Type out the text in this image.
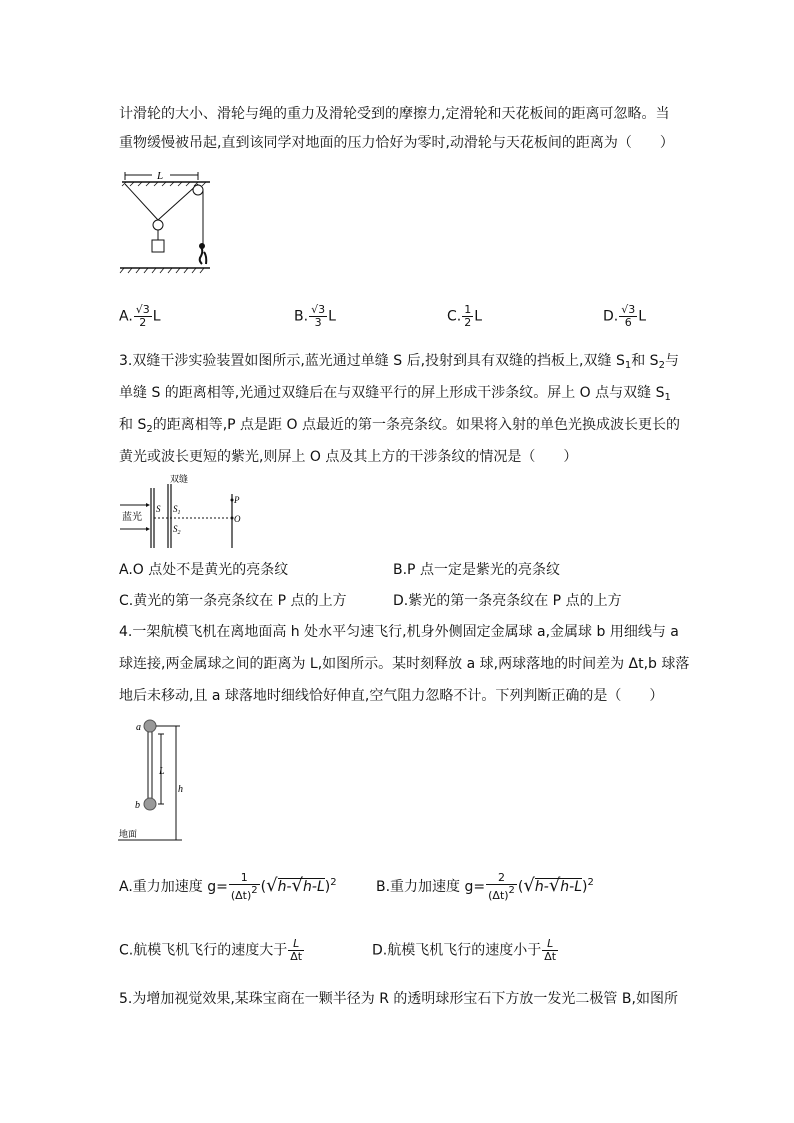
计滑轮的大小、滑轮与绳的重力及滑轮受到的摩擦力,定滑轮和天花板间的距离可忽略。当
重物缓慢被吊起,直到该同学对地面的压力恰好为零时,动滑轮与天花板间的距离为（　　）
L
A. $\frac{√3}{2}$ L	B. $\frac{√3}{3}$ L	C. $\frac{1}{2}$ L	D. $\frac{√3}{6}$ L
3.双缝干涉实验装置如图所示,蓝光通过单缝 S 后,投射到具有双缝的挡板上,双缝 $S_1$和 $S_2$与
单缝 S 的距离相等,光通过双缝后在与双缝平行的屏上形成干涉条纹。屏上 O 点与双缝 $S_1$
和 $S_2$的距离相等,P 点是距 O 点最近的第一条亮条纹。如果将入射的单色光换成波长更长的
黄光或波长更短的紫光,则屏上 O 点及其上方的干涉条纹的情况是（　　）
双缝
蓝光
S $S_1$
$S_2$
P
O
A.O 点处不是黄光的亮条纹	B.P 点一定是紫光的亮条纹
C.黄光的第一条亮条纹在 P 点的上方	D.紫光的第一条亮条纹在 P 点的上方
4.一架航模飞机在离地面高 h 处水平匀速飞行,机身外侧固定金属球 a,金属球 b 用细线与 a
球连接,两金属球之间的距离为 L,如图所示。某时刻释放 a 球,两球落地的时间差为 Δt,b 球落
地后未移动,且 a 球落地时细线恰好伸直,空气阻力忽略不计。下列判断正确的是（　　）
a
b
L
h
地面
A.重力加速度 $g= \frac{1}{(\Delta t)2} (√h-√h-L)^2$	B.重力加速度 $g= \frac{2}{(\Delta t)2} (√h-√h-L)^2$
C.航模飞机飞行的速度大于 $\frac{L}{\Delta t}$	D.航模飞机飞行的速度小于 $\frac{L}{\Delta t}$
5.为增加视觉效果,某珠宝商在一颗半径为 R 的透明球形宝石下方放一发光二极管 B,如图所
